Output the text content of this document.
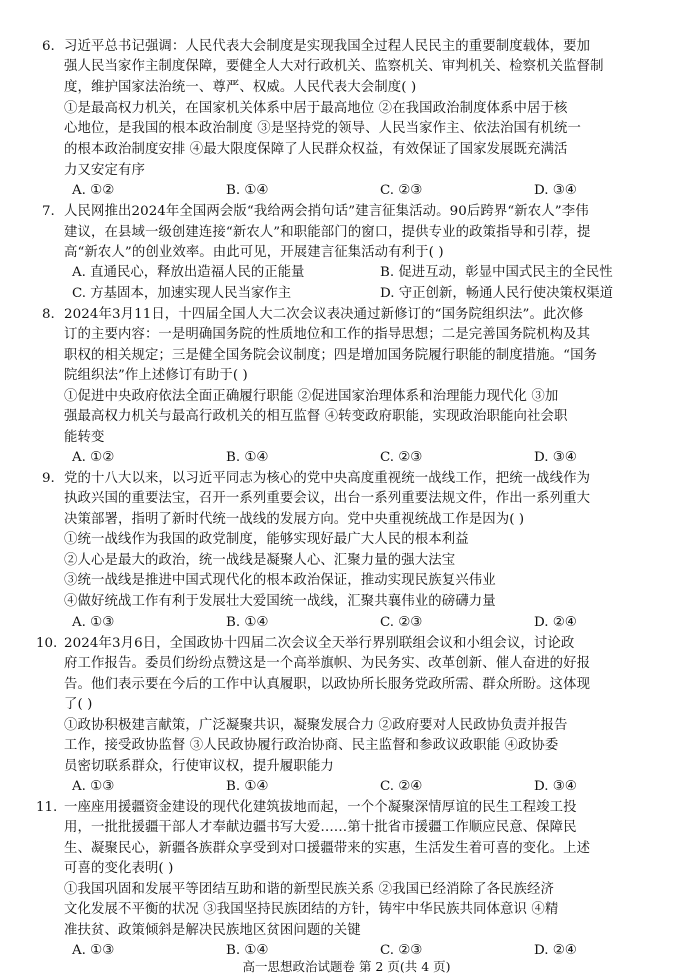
6. 习近平总书记强调：人民代表大会制度是实现我国全过程人民民主的重要制度载体，要加
强人民当家作主制度保障，要健全人大对行政机关、监察机关、审判机关、检察机关监督制
度，维护国家法治统一、尊严、权威。人民代表大会制度( )
①是最高权力机关，在国家机关体系中居于最高地位 ②在我国政治制度体系中居于核
心地位，是我国的根本政治制度 ③是坚持党的领导、人民当家作主、依法治国有机统一
的根本政治制度安排 ④最大限度保障了人民群众权益，有效保证了国家发展既充满活
力又安定有序
A. ①②	B. ①④	C. ②③	D. ③④
7. 人民网推出2024年全国两会版“我给两会捎句话”建言征集活动。90后跨界“新农人”李伟
建议，在县域一级创建连接“新农人”和职能部门的窗口，提供专业的政策指导和引荐，提
高“新农人”的创业效率。由此可见，开展建言征集活动有利于( )
A. 直通民心，释放出造福人民的正能量	B. 促进互动，彰显中国式民主的全民性
C. 方基固本，加速实现人民当家作主	D. 守正创新，畅通人民行使决策权渠道
8. 2024年3月11日，十四届全国人大二次会议表决通过新修订的“国务院组织法”。此次修
订的主要内容：一是明确国务院的性质地位和工作的指导思想；二是完善国务院机构及其
职权的相关规定；三是健全国务院会议制度；四是增加国务院履行职能的制度措施。“国务
院组织法”作上述修订有助于( )
①促进中央政府依法全面正确履行职能 ②促进国家治理体系和治理能力现代化 ③加
强最高权力机关与最高行政机关的相互监督 ④转变政府职能，实现政治职能向社会职
能转变
A. ①②	B. ①④	C. ②③	D. ③④
9. 党的十八大以来，以习近平同志为核心的党中央高度重视统一战线工作，把统一战线作为
执政兴国的重要法宝，召开一系列重要会议，出台一系列重要法规文件，作出一系列重大
决策部署，指明了新时代统一战线的发展方向。党中央重视统战工作是因为( )
①统一战线作为我国的政党制度，能够实现好最广大人民的根本利益
②人心是最大的政治，统一战线是凝聚人心、汇聚力量的强大法宝
③统一战线是推进中国式现代化的根本政治保证，推动实现民族复兴伟业
④做好统战工作有利于发展壮大爱国统一战线，汇聚共襄伟业的磅礴力量
A. ①③	B. ①④	C. ②③	D. ②④
10. 2024年3月6日，全国政协十四届二次会议全天举行界别联组会议和小组会议，讨论政
府工作报告。委员们纷纷点赞这是一个高举旗帜、为民务实、改革创新、催人奋进的好报
告。他们表示要在今后的工作中认真履职，以政协所长服务党政所需、群众所盼。这体现
了( )
①政协积极建言献策，广泛凝聚共识，凝聚发展合力 ②政府要对人民政协负责并报告
工作，接受政协监督 ③人民政协履行政治协商、民主监督和参政议政职能 ④政协委
员密切联系群众，行使审议权，提升履职能力
A. ①③	B. ①④	C. ②④	D. ③④
11. 一座座用援疆资金建设的现代化建筑拔地而起，一个个凝聚深情厚谊的民生工程竣工投
用，一批批援疆干部人才奉献边疆书写大爱……第十批省市援疆工作顺应民意、保障民
生、凝聚民心，新疆各族群众享受到对口援疆带来的实惠，生活发生着可喜的变化。上述
可喜的变化表明( )
①我国巩固和发展平等团结互助和谐的新型民族关系 ②我国已经消除了各民族经济
文化发展不平衡的状况 ③我国坚持民族团结的方针，铸牢中华民族共同体意识 ④精
准扶贫、政策倾斜是解决民族地区贫困问题的关键
A. ①③	B. ①④	C. ②③	D. ②④
高一思想政治试题卷 第 2 页(共 4 页)
